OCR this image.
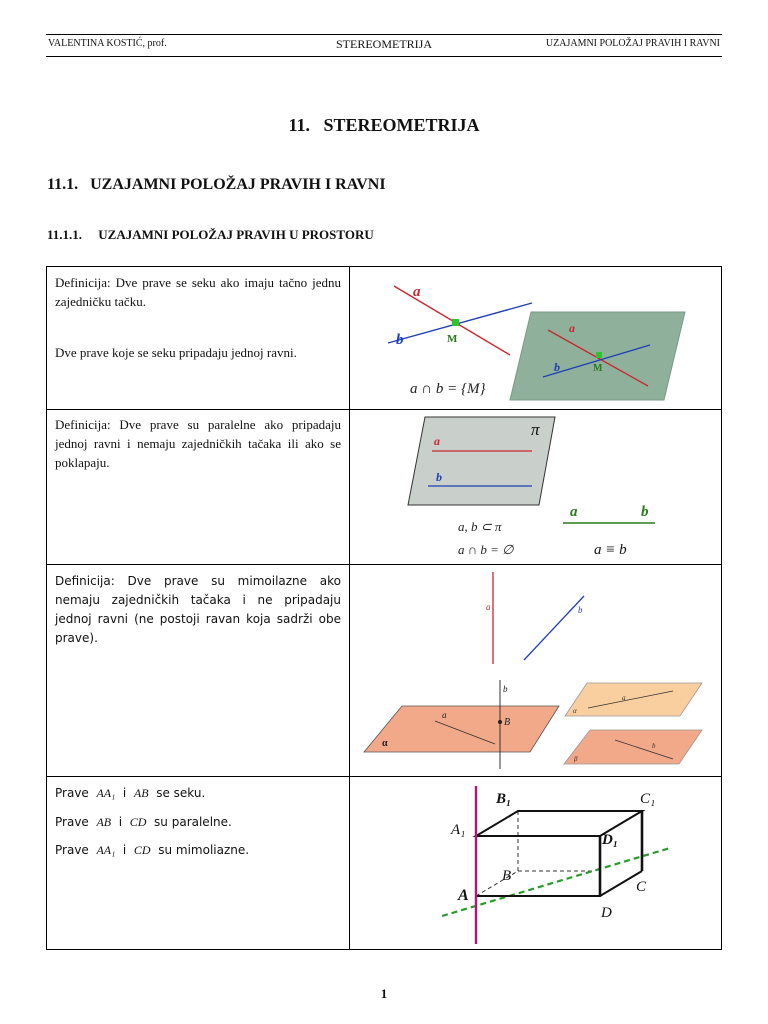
VALENTINA KOSTIĆ, prof.	STEREOMETRIJA	UZAJAMNI POLOŽAJ PRAVIH I RAVNI
11.   STEREOMETRIJA
11.1.   UZAJAMNI POLOŽAJ PRAVIH I RAVNI
11.1.1.     UZAJAMNI POLOŽAJ PRAVIH U PROSTORU
Definicija: Dve prave se seku ako imaju tačno jednu zajedničku tačku.
Dve prave koje se seku pripadaju jednoj ravni.
a
b	M
a ∩ b = {M}
a
b	M
Definicija: Dve prave su paralelne ako pripadaju jednoj ravni i nemaju zajedničkih tačaka ili ako se poklapaju.
π
a
b
a, b ⊂ π
a ∩ b = ∅
a	b
a ≡ b
Definicija: Dve prave su mimoilazne ako nemaju zajedničkih tačaka i ne pripadaju jednoj ravni (ne postoji ravan koja sadrži obe prave).
a	b
b
a
B
α
a
α
b
β
Prave AA₁ i AB se seku.
Prave AB i CD su paralelne.
Prave AA₁ i CD su mimoliazne.
A₁
B₁	C₁
D₁
B
A	C
D
1
